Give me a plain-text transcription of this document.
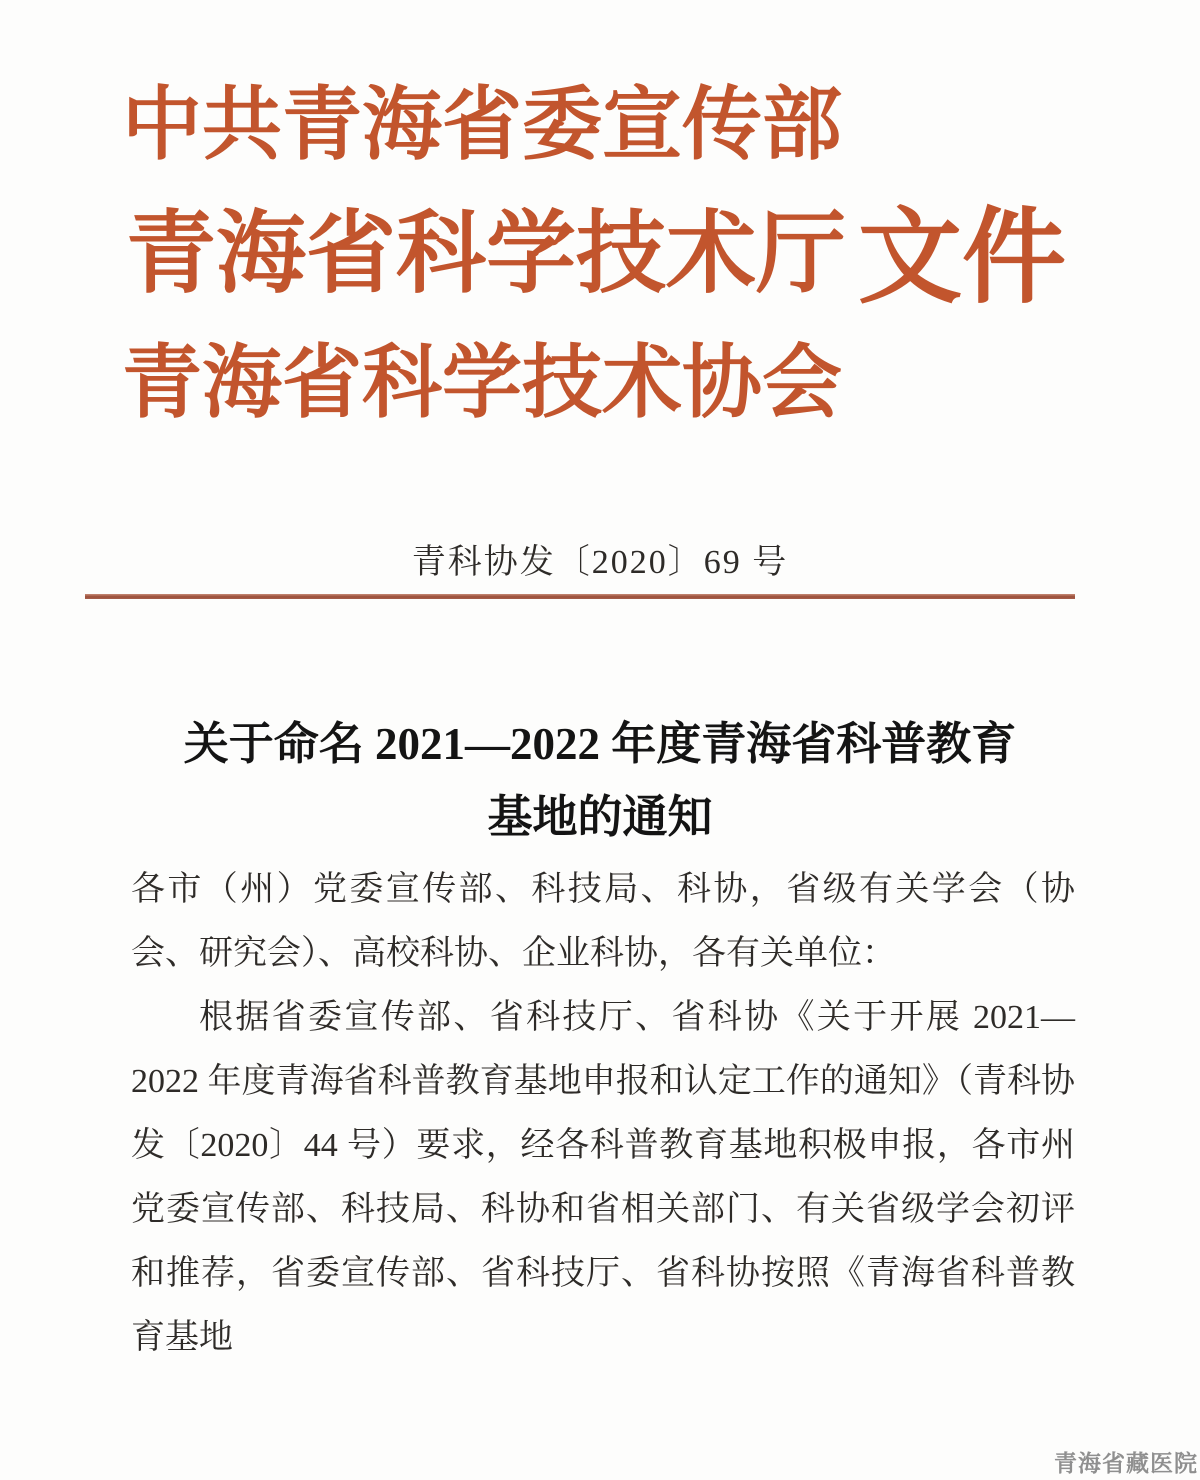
中共青海省委宣传部
青海省科学技术厅
青海省科学技术协会
文件
青科协发〔2020〕69 号
关于命名 2021—2022 年度青海省科普教育
基地的通知

各市（州）党委宣传部、科技局、科协，省级有关学会（协会、研究会）、高校科协、企业科协，各有关单位：

根据省委宣传部、省科技厅、省科协《关于开展 2021—2022 年度青海省科普教育基地申报和认定工作的通知》（青科协发〔2020〕44 号）要求，经各科普教育基地积极申报，各市州党委宣传部、科技局、科协和省相关部门、有关省级学会初评和推荐，省委宣传部、省科技厅、省科协按照《青海省科普教育基地

青海省藏医院
